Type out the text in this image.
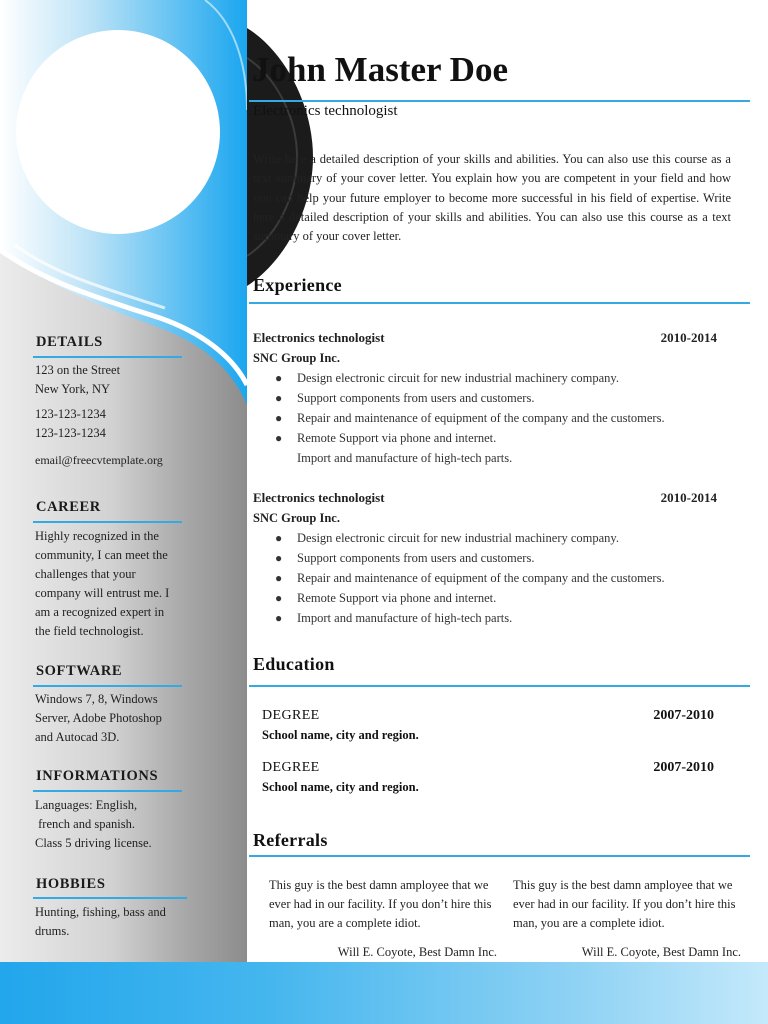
DETAILS
123 on the Street
New York, NY
123-123-1234
123-123-1234
email@freecvtemplate.org
CAREER
Highly recognized in the
community, I can meet the
challenges that your
company will entrust me. I
am a recognized expert in
the field technologist.
SOFTWARE
Windows 7, 8, Windows
Server, Adobe Photoshop
and Autocad 3D.
INFORMATIONS
Languages: English,
french and spanish.
Class 5 driving license.
HOBBIES
Hunting, fishing, bass and
drums.
John Master Doe
Electronics technologist

Write here a detailed description of your skills and abilities. You can also use this course as a text summary of your cover letter. You explain how you are competent in your field and how you can help your future employer to become more successful in his field of expertise. Write here a detailed description of your skills and abilities. You can also use this course as a text summary of your cover letter.

Experience
Electronics technologist	2010-2014
SNC Group Inc.
● Design electronic circuit for new industrial machinery company.
● Support components from users and customers.
● Repair and maintenance of equipment of the company and the customers.
● Remote Support via phone and internet.
Import and manufacture of high-tech parts.
Electronics technologist	2010-2014
SNC Group Inc.
● Design electronic circuit for new industrial machinery company.
● Support components from users and customers.
● Repair and maintenance of equipment of the company and the customers.
● Remote Support via phone and internet.
● Import and manufacture of high-tech parts.
Education
DEGREE	2007-2010
School name, city and region.
DEGREE	2007-2010
School name, city and region.
Referrals

This guy is the best damn amployee that we ever had in our facility. If you don’t hire this man, you are a complete idiot.

Will E. Coyote, Best Damn Inc.

This guy is the best damn amployee that we ever had in our facility. If you don’t hire this man, you are a complete idiot.

Will E. Coyote, Best Damn Inc.
